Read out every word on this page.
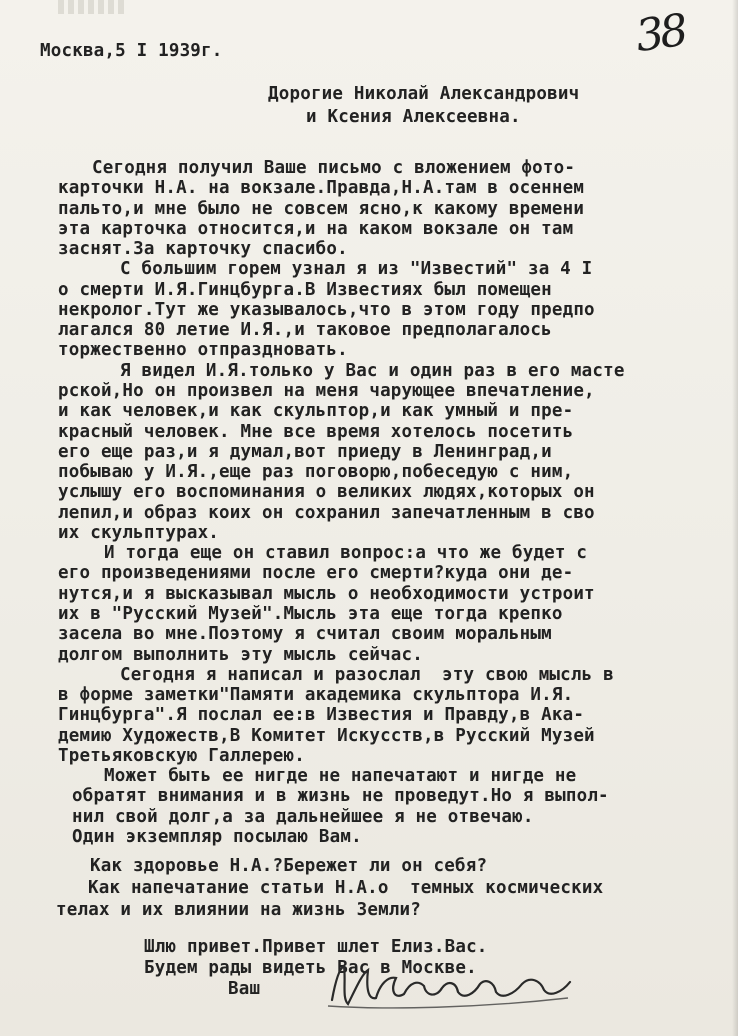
Москва,5 I 1939г.	38
Дорогие Николай Александрович
и Ксения Алексеевна.
Сегодня получил Ваше письмо с вложением фото-
карточки Н.А. на вокзале.Правда,Н.А.там в осеннем
пальто,и мне было не совсем ясно,к какому времени
эта карточка относится,и на каком вокзале он там
заснят.За карточку спасибо.
С большим горем узнал я из "Известий" за 4 I
о смерти И.Я.Гинцбурга.В Известиях был помещен
некролог.Тут же указывалось,что в этом году предпо
лагался 80 летие И.Я.,и таковое предполагалось
торжественно отпраздновать.
Я видел И.Я.только у Вас и один раз в его масте
рской,Но он произвел на меня чарующее впечатление,
и как человек,и как скульптор,и как умный и пре-
красный человек. Мне все время хотелось посетить
его еще раз,и я думал,вот приеду в Ленинград,и
побываю у И.Я.,еще раз поговорю,побеседую с ним,
услышу его воспоминания о великих людях,которых он
лепил,и образ коих он сохранил запечатленным в сво
их скульптурах.
И тогда еще он ставил вопрос:а что же будет с
его произведениями после его смерти?куда они де-
нутся,и я высказывал мысль о необходимости устроит
их в "Русский Музей".Мысль эта еще тогда крепко
засела во мне.Поэтому я считал своим моральным
долгом выполнить эту мысль сейчас.
Сегодня я написал и разослал  эту свою мысль в
в форме заметки"Памяти академика скульптора И.Я.
Гинцбурга".Я послал ее:в Известия и Правду,в Ака-
демию Художеств,В Комитет Искусств,в Русский Музей
Третьяковскую Галлерею.
Может быть ее нигде не напечатают и нигде не
обратят внимания и в жизнь не проведут.Но я выпол-
нил свой долг,а за дальнейшее я не отвечаю.
Один экземпляр посылаю Вам.
Как здоровье Н.А.?Бережет ли он себя?
Как напечатание статьи Н.А.о  темных космических
телах и их влиянии на жизнь Земли?
Шлю привет.Привет шлет Елиз.Вас.
Будем рады видеть Вас в Москве.
Ваш
